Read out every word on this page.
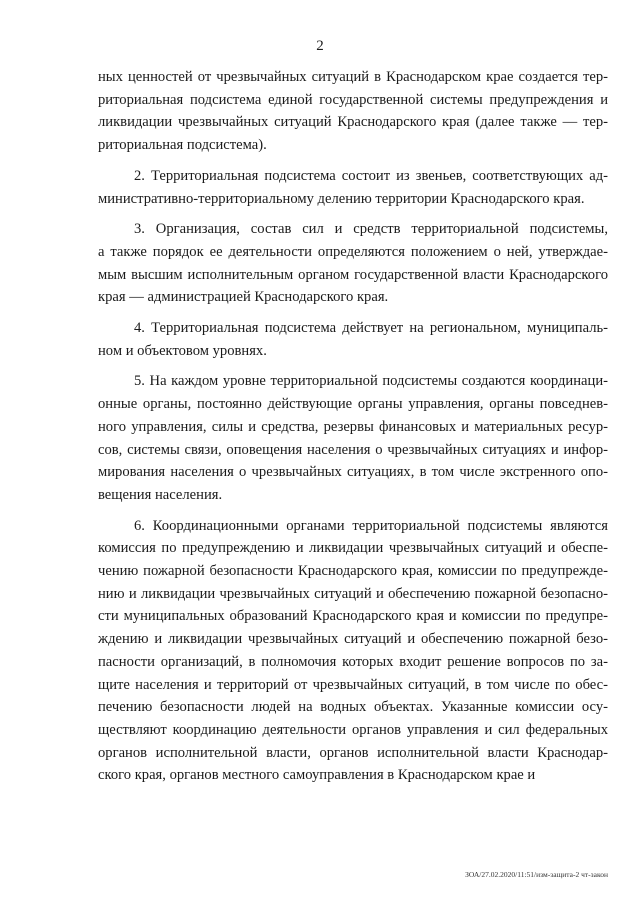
2
ных ценностей от чрезвычайных ситуаций в Краснодарском крае создается тер-
риториальная подсистема единой государственной системы предупреждения и
ликвидации чрезвычайных ситуаций Краснодарского края (далее также — тер-
риториальная подсистема).
2. Территориальная подсистема состоит из звеньев, соответствующих ад-
министративно-территориальному делению территории Краснодарского края.
3. Организация, состав сил и средств территориальной подсистемы,
а также порядок ее деятельности определяются положением о ней, утверждае-
мым высшим исполнительным органом государственной власти Краснодарского
края — администрацией Краснодарского края.
4. Территориальная подсистема действует на региональном, муниципаль-
ном и объектовом уровнях.
5. На каждом уровне территориальной подсистемы создаются координаци-
онные органы, постоянно действующие органы управления, органы повседнев-
ного управления, силы и средства, резервы финансовых и материальных ресур-
сов, системы связи, оповещения населения о чрезвычайных ситуациях и инфор-
мирования населения о чрезвычайных ситуациях, в том числе экстренного опо-
вещения населения.
6. Координационными органами территориальной подсистемы являются
комиссия по предупреждению и ликвидации чрезвычайных ситуаций и обеспе-
чению пожарной безопасности Краснодарского края, комиссии по предупрежде-
нию и ликвидации чрезвычайных ситуаций и обеспечению пожарной безопасно-
сти муниципальных образований Краснодарского края и комиссии по предупре-
ждению и ликвидации чрезвычайных ситуаций и обеспечению пожарной безо-
пасности организаций, в полномочия которых входит решение вопросов по за-
щите населения и территорий от чрезвычайных ситуаций, в том числе по обес-
печению безопасности людей на водных объектах. Указанные комиссии осу-
ществляют координацию деятельности органов управления и сил федеральных
органов исполнительной власти, органов исполнительной власти Краснодар-
ского края, органов местного самоуправления в Краснодарском крае и
ЗОА/27.02.2020/11:51/изм-защита-2 чт-закон
